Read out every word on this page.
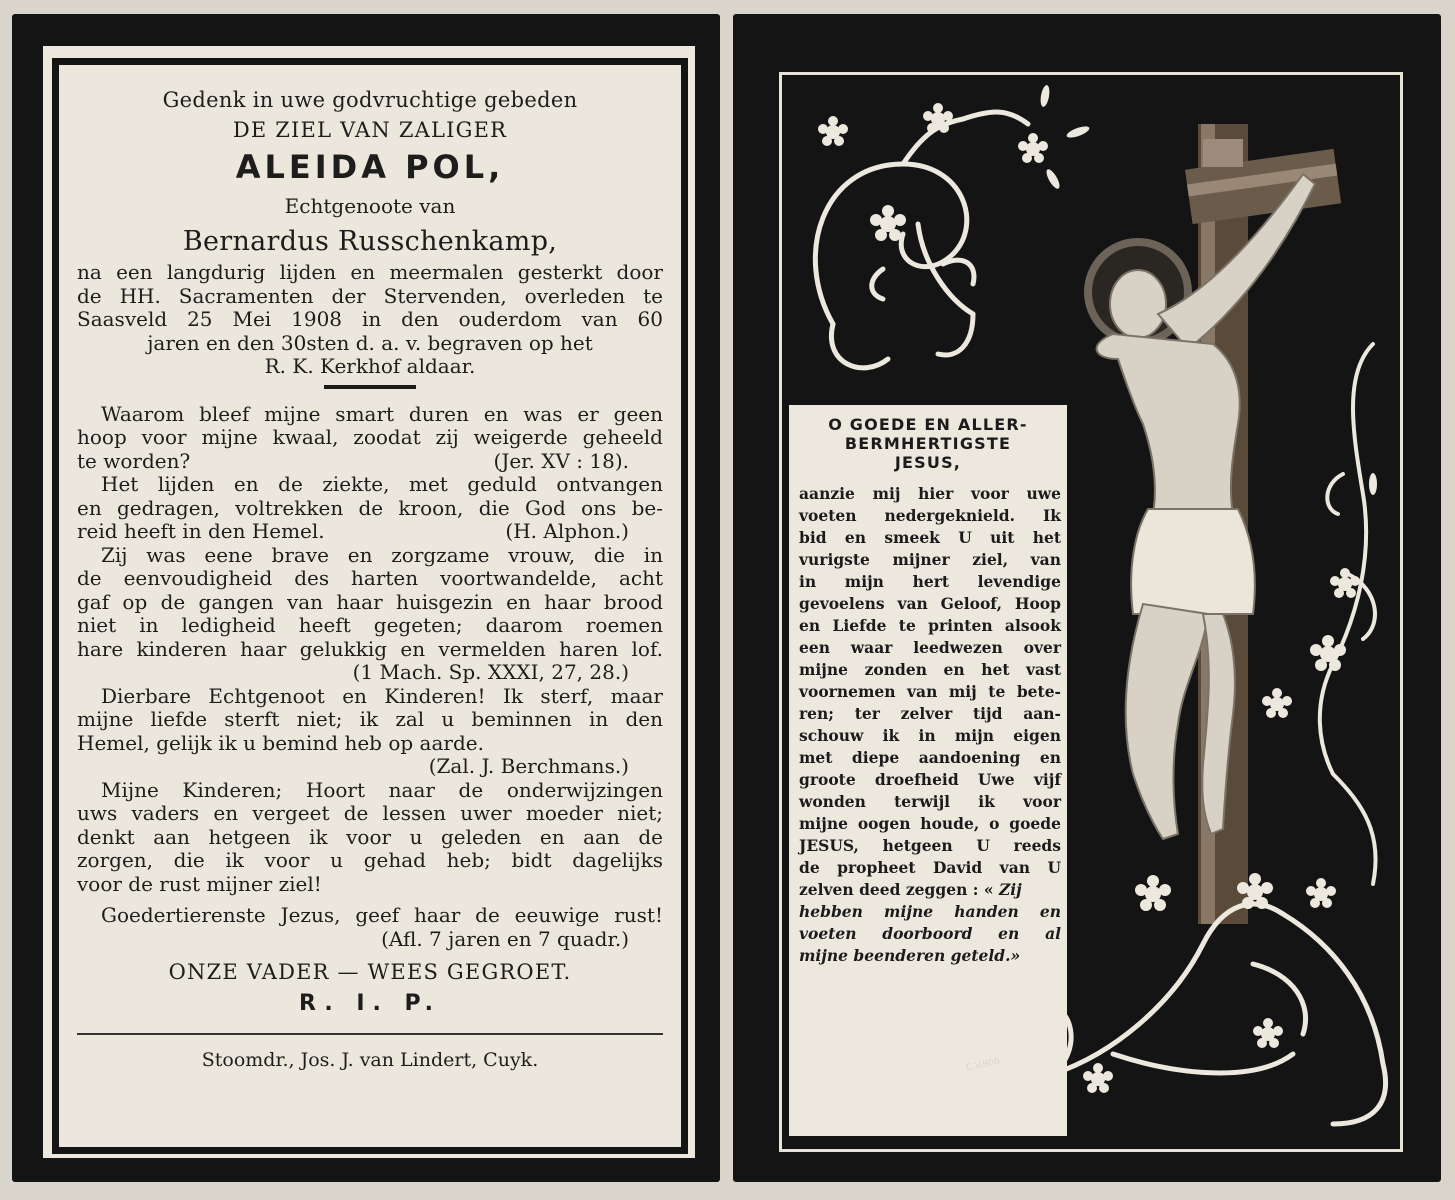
Gedenk in uwe godvruchtige gebeden
DE ZIEL VAN ZALIGER
ALEIDA POL,
Echtgenoote van
Bernardus Russchenkamp,
na een langdurig lijden en meermalen gesterkt door
de HH. Sacramenten der Stervenden, overleden te
Saasveld 25 Mei 1908 in den ouderdom van 60
jaren en den 30sten d. a. v. begraven op het
R. K. Kerkhof aldaar.
Waarom bleef mijne smart duren en was er geen
hoop voor mijne kwaal, zoodat zij weigerde geheeld
te worden?	(Jer. XV : 18).
Het lijden en de ziekte, met geduld ontvangen
en gedragen, voltrekken de kroon, die God ons be-
reid heeft in den Hemel.	(H. Alphon.)
Zij was eene brave en zorgzame vrouw, die in
de eenvoudigheid des harten voortwandelde, acht
gaf op de gangen van haar huisgezin en haar brood
niet in ledigheid heeft gegeten; daarom roemen
hare kinderen haar gelukkig en vermelden haren lof.
(1 Mach. Sp. XXXI, 27, 28.)
Dierbare Echtgenoot en Kinderen! Ik sterf, maar
mijne liefde sterft niet; ik zal u beminnen in den
Hemel, gelijk ik u bemind heb op aarde.
(Zal. J. Berchmans.)
Mijne Kinderen; Hoort naar de onderwijzingen
uws vaders en vergeet de lessen uwer moeder niet;
denkt aan hetgeen ik voor u geleden en aan de
zorgen, die ik voor u gehad heb; bidt dagelijks
voor de rust mijner ziel!
Goedertierenste Jezus, geef haar de eeuwige rust!
(Afl. 7 jaren en 7 quadr.)
ONZE VADER — WEES GEGROET.
R. I. P.
Stoomdr., Jos. J. van Lindert, Cuyk.
O GOEDE EN ALLER-
BERMHERTIGSTE
JESUS,
aanzie mij hier voor uwe
voeten nedergeknield. Ik
bid en smeek U uit het
vurigste mijner ziel, van
in mijn hert levendige
gevoelens van Geloof, Hoop
en Liefde te printen alsook
een waar leedwezen over
mijne zonden en het vast
voornemen van mij te bete-
ren; ter zelver tijd aan-
schouw ik in mijn eigen
met diepe aandoening en
groote droefheid Uwe vijf
wonden terwijl ik voor
mijne oogen houde, o goede
JESUS, hetgeen U reeds
de propheet David van U
zelven deed zeggen : « Zij
hebben mijne handen en
voeten doorboord en al
mijne beenderen geteld.»
C.V.900
